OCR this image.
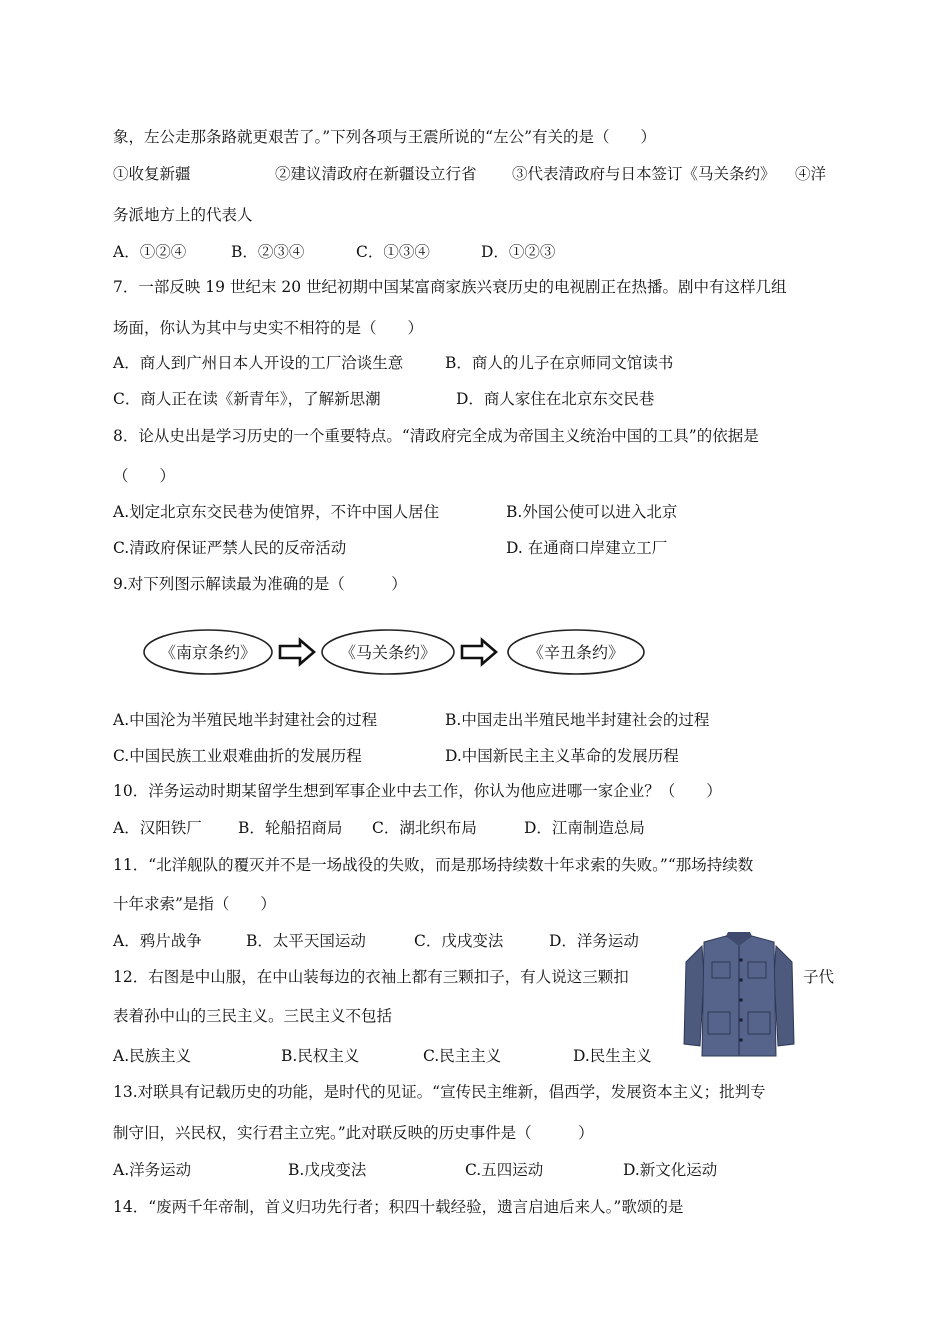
象，左公走那条路就更艰苦了。”下列各项与王震所说的“左公”有关的是（　　）
①收复新疆	②建议清政府在新疆设立行省 ③代表清政府与日本签订《马关条约》 ④洋
务派地方上的代表人
A．①②④	B．②③④	C．①③④	D．①②③
7．一部反映 19 世纪末 20 世纪初期中国某富商家族兴衰历史的电视剧正在热播。剧中有这样几组
场面，你认为其中与史实不相符的是（　　）
A．商人到广州日本人开设的工厂洽谈生意	B．商人的儿子在京师同文馆读书
C．商人正在读《新青年》，了解新思潮	D．商人家住在北京东交民巷
8．论从史出是学习历史的一个重要特点。“清政府完全成为帝国主义统治中国的工具”的依据是
（　　）
A.划定北京东交民巷为使馆界，不许中国人居住	B.外国公使可以进入北京
C.清政府保证严禁人民的反帝活动	D. 在通商口岸建立工厂
9.对下列图示解读最为准确的是（　　　）
《南京条约》	《马关条约》	《辛丑条约》
A.中国沦为半殖民地半封建社会的过程	B.中国走出半殖民地半封建社会的过程
C.中国民族工业艰难曲折的发展历程	D.中国新民主主义革命的发展历程
10．洋务运动时期某留学生想到军事企业中去工作，你认为他应进哪一家企业？（　　）
A．汉阳铁厂 B．轮船招商局 C．湖北织布局	D．江南制造总局
11．“北洋舰队的覆灭并不是一场战役的失败，而是那场持续数十年求索的失败。”“那场持续数
十年求索”是指（　　）
A．鸦片战争	B．太平天国运动	C．戊戌变法	D．洋务运动
12．右图是中山服，在中山装每边的衣袖上都有三颗扣子，有人说这三颗扣	子代
表着孙中山的三民主义。三民主义不包括
A.民族主义	B.民权主义	C.民主主义	D.民生主义
13.对联具有记载历史的功能，是时代的见证。“宣传民主维新，倡西学，发展资本主义；批判专
制守旧，兴民权，实行君主立宪。”此对联反映的历史事件是（　　　）
A.洋务运动	B.戊戌变法	C.五四运动	D.新文化运动
14．“废两千年帝制，首义归功先行者；积四十载经验，遗言启迪后来人。”歌颂的是
